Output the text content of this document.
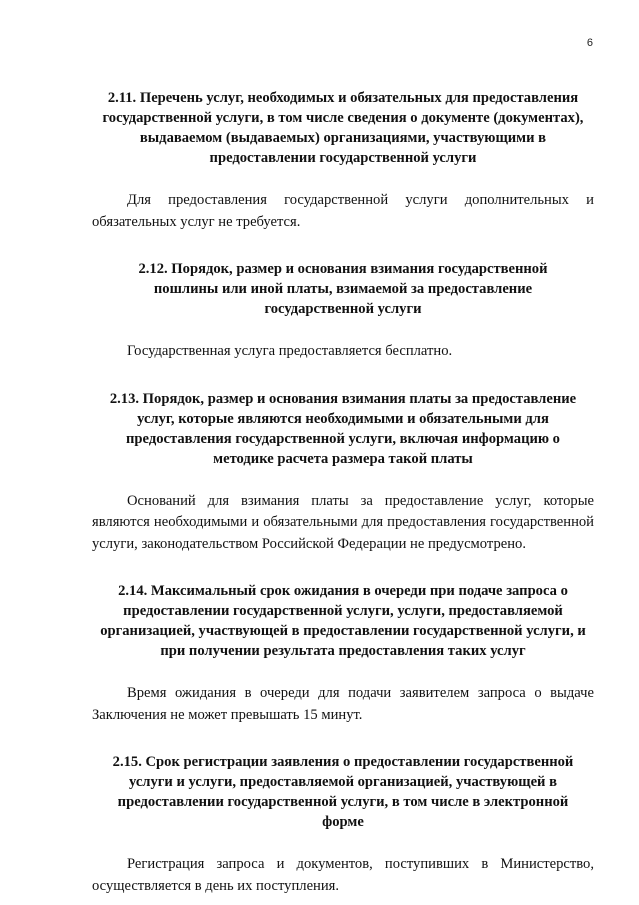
6

2.11. Перечень услуг, необходимых и обязательных для предоставления государственной услуги, в том числе сведения о документе (документах), выдаваемом (выдаваемых) организациями, участвующими в предоставлении государственной услуги

Для предоставления государственной услуги дополнительных и обязательных услуг не требуется.

2.12. Порядок, размер и основания взимания государственной пошлины или иной платы, взимаемой за предоставление государственной услуги

Государственная услуга предоставляется бесплатно.

2.13. Порядок, размер и основания взимания платы за предоставление услуг, которые являются необходимыми и обязательными для предоставления государственной услуги, включая информацию о методике расчета размера такой платы

Оснований для взимания платы за предоставление услуг, которые являются необходимыми и обязательными для предоставления государственной услуги, законодательством Российской Федерации не предусмотрено.

2.14. Максимальный срок ожидания в очереди при подаче запроса о предоставлении государственной услуги, услуги, предоставляемой организацией, участвующей в предоставлении государственной услуги, и при получении результата предоставления таких услуг

Время ожидания в очереди для подачи заявителем запроса о выдаче Заключения не может превышать 15 минут.

2.15. Срок регистрации заявления о предоставлении государственной услуги и услуги, предоставляемой организацией, участвующей в предоставлении государственной услуги, в том числе в электронной форме

Регистрация запроса и документов, поступивших в Министерство, осуществляется в день их поступления.
